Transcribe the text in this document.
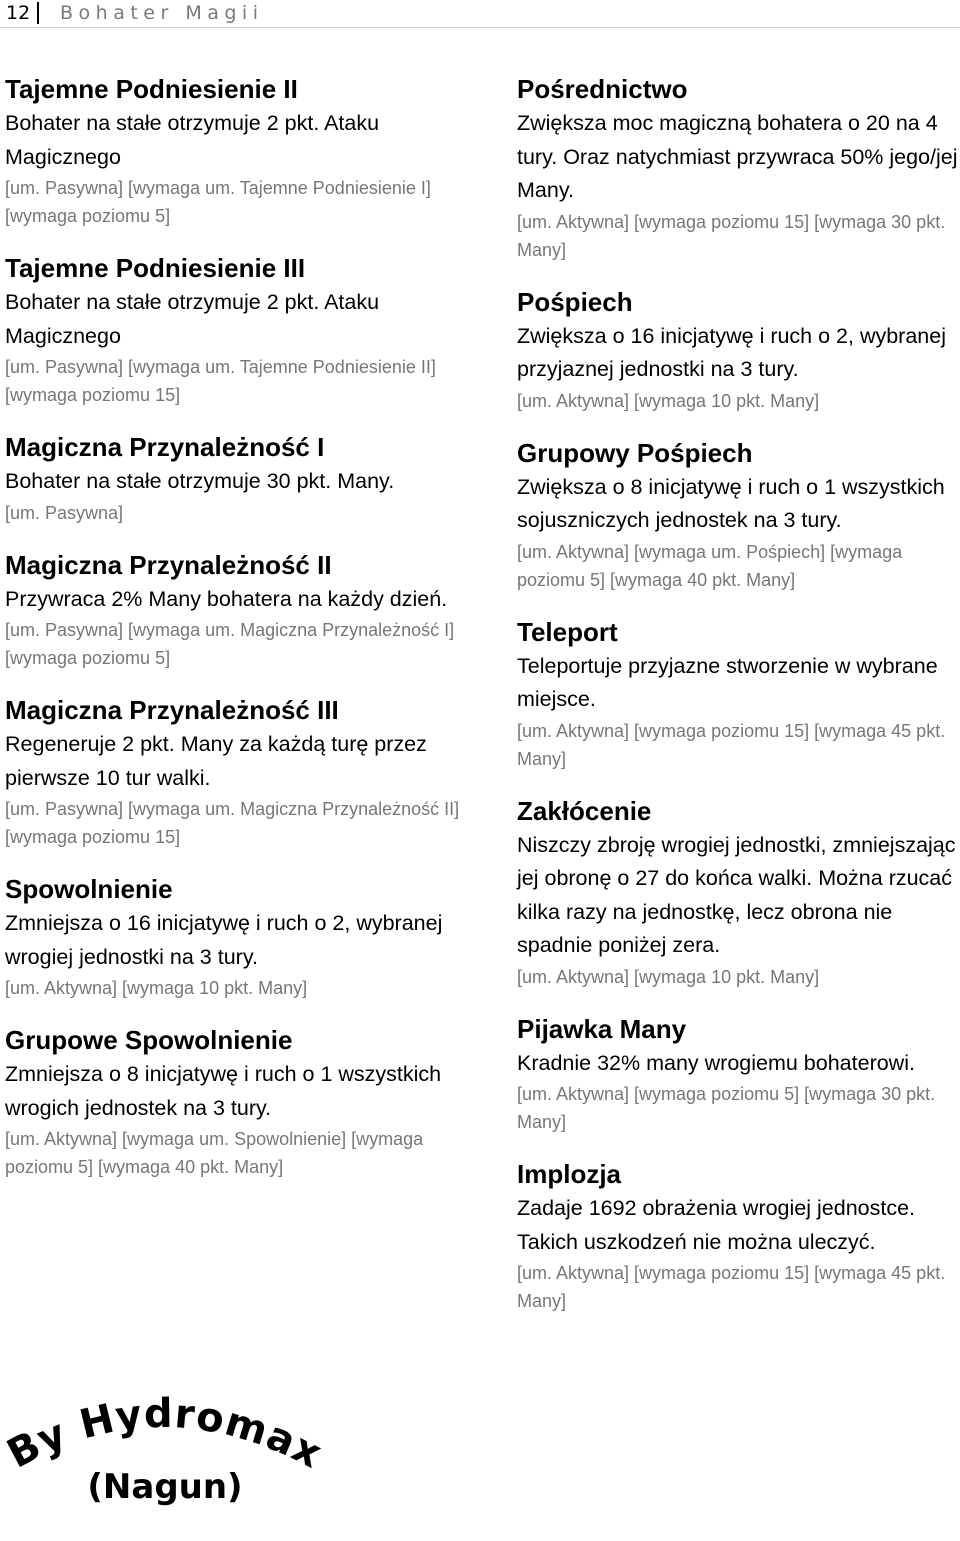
12 Bohater Magii
Tajemne Podniesienie II

Bohater na stałe otrzymuje 2 pkt. Ataku Magicznego

[um. Pasywna] [wymaga um. Tajemne Podniesienie I] [wymaga poziomu 5]

Tajemne Podniesienie III

Bohater na stałe otrzymuje 2 pkt. Ataku Magicznego

[um. Pasywna] [wymaga um. Tajemne Podniesienie II] [wymaga poziomu 15]

Magiczna Przynależność I

Bohater na stałe otrzymuje 30 pkt. Many.

[um. Pasywna]

Magiczna Przynależność II

Przywraca 2% Many bohatera na każdy dzień.

[um. Pasywna] [wymaga um. Magiczna Przynależność I] [wymaga poziomu 5]

Magiczna Przynależność III

Regeneruje 2 pkt. Many za każdą turę przez pierwsze 10 tur walki.

[um. Pasywna] [wymaga um. Magiczna Przynależność II] [wymaga poziomu 15]

Spowolnienie

Zmniejsza o 16 inicjatywę i ruch o 2, wybranej wrogiej jednostki na 3 tury.

[um. Aktywna] [wymaga 10 pkt. Many]

Grupowe Spowolnienie

Zmniejsza o 8 inicjatywę i ruch o 1 wszystkich wrogich jednostek na 3 tury.

[um. Aktywna] [wymaga um. Spowolnienie] [wymaga poziomu 5] [wymaga 40 pkt. Many]

Pośrednictwo

Zwiększa moc magiczną bohatera o 20 na 4 tury. Oraz natychmiast przywraca 50% jego/jej Many.

[um. Aktywna] [wymaga poziomu 15] [wymaga 30 pkt. Many]

Pośpiech

Zwiększa o 16 inicjatywę i ruch o 2, wybranej przyjaznej jednostki na 3 tury.

[um. Aktywna] [wymaga 10 pkt. Many]

Grupowy Pośpiech

Zwiększa o 8 inicjatywę i ruch o 1 wszystkich sojuszniczych jednostek na 3 tury.

[um. Aktywna] [wymaga um. Pośpiech] [wymaga poziomu 5] [wymaga 40 pkt. Many]

Teleport

Teleportuje przyjazne stworzenie w wybrane miejsce.

[um. Aktywna] [wymaga poziomu 15] [wymaga 45 pkt. Many]

Zakłócenie

Niszczy zbroję wrogiej jednostki, zmniejszając jej obronę o 27 do końca walki. Można rzucać kilka razy na jednostkę, lecz obrona nie spadnie poniżej zera.

[um. Aktywna] [wymaga 10 pkt. Many]

Pijawka Many

Kradnie 32% many wrogiemu bohaterowi.

[um. Aktywna] [wymaga poziomu 5] [wymaga 30 pkt. Many]

Implozja

Zadaje 1692 obrażenia wrogiej jednostce. Takich uszkodzeń nie można uleczyć.

[um. Aktywna] [wymaga poziomu 15] [wymaga 45 pkt. Many]

By Hydromax
(Nagun)
